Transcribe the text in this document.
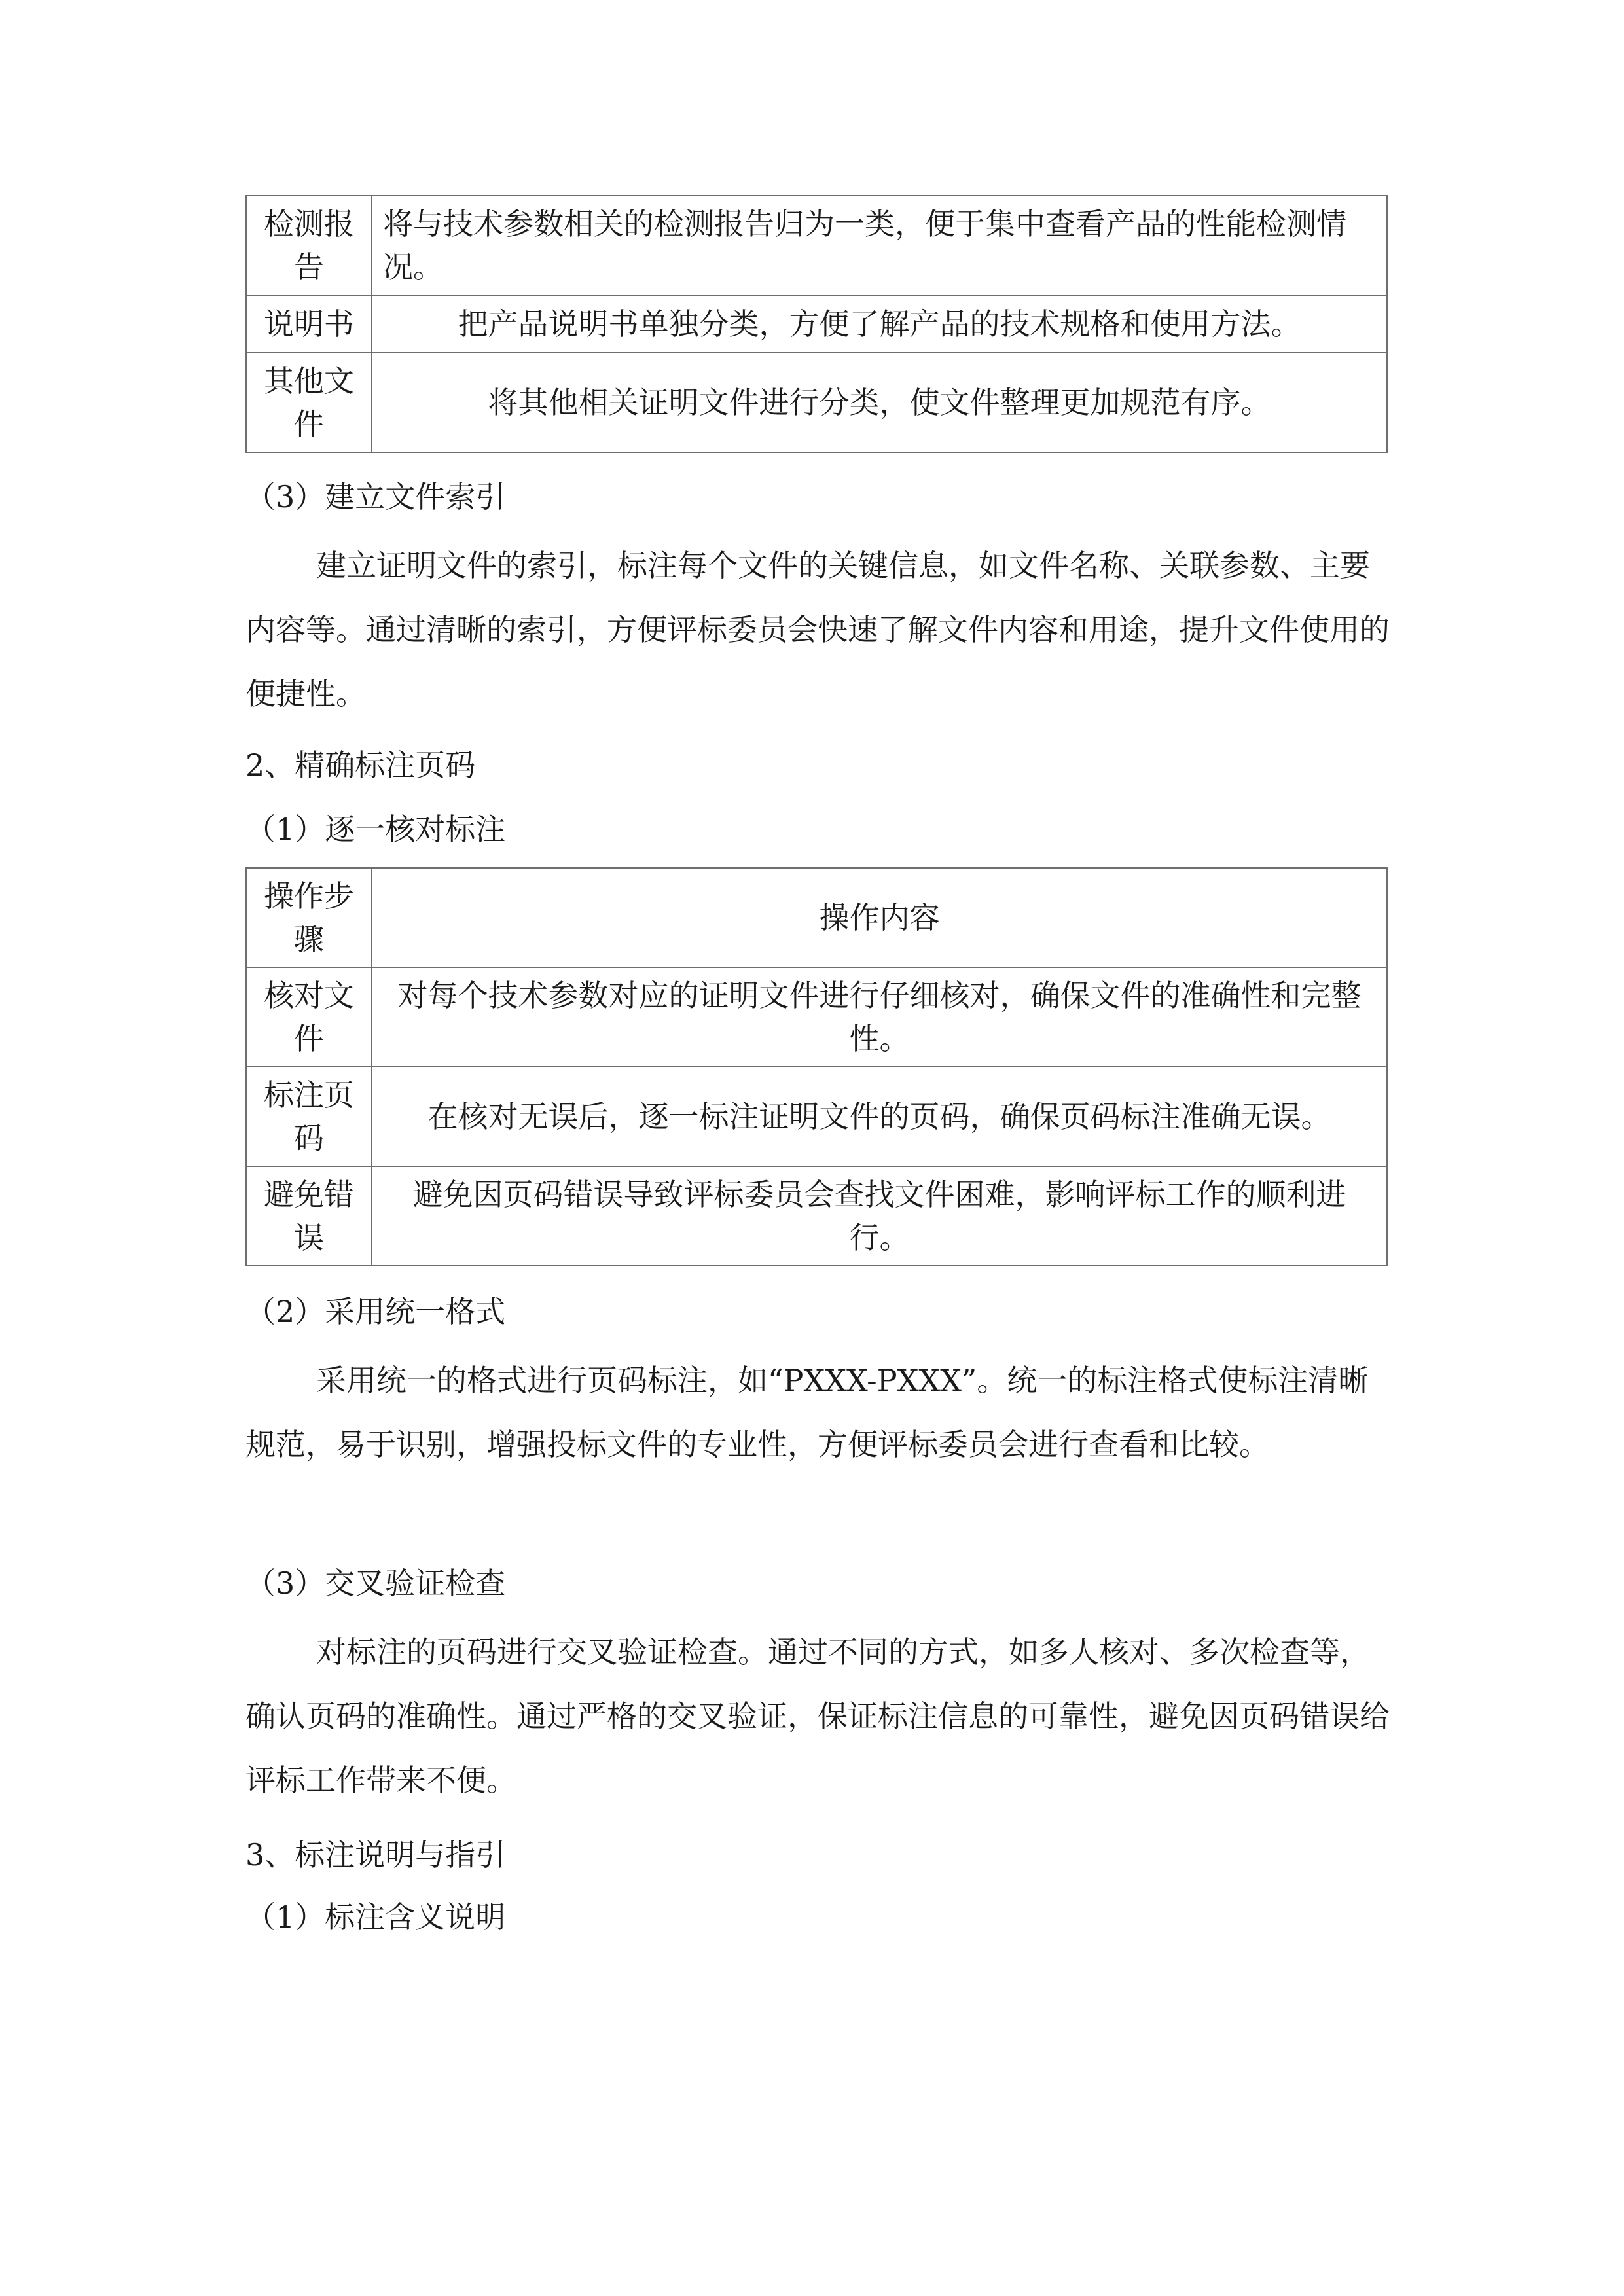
检测报告	将与技术参数相关的检测报告归为一类，便于集中查看产品的性能检测情况。
说明书	把产品说明书单独分类，方便了解产品的技术规格和使用方法。
其他文件	将其他相关证明文件进行分类，使文件整理更加规范有序。

（3）建立文件索引

建立证明文件的索引，标注每个文件的关键信息，如文件名称、关联参数、主要内容等。通过清晰的索引，方便评标委员会快速了解文件内容和用途，提升文件使用的便捷性。

2、精确标注页码

（1）逐一核对标注

操作步骤	操作内容
核对文件	对每个技术参数对应的证明文件进行仔细核对，确保文件的准确性和完整性。
标注页码	在核对无误后，逐一标注证明文件的页码，确保页码标注准确无误。
避免错误	避免因页码错误导致评标委员会查找文件困难，影响评标工作的顺利进行。

（2）采用统一格式

采用统一的格式进行页码标注，如“PXXX-PXXX”。统一的标注格式使标注清晰规范，易于识别，增强投标文件的专业性，方便评标委员会进行查看和比较。

（3）交叉验证检查

对标注的页码进行交叉验证检查。通过不同的方式，如多人核对、多次检查等，确认页码的准确性。通过严格的交叉验证，保证标注信息的可靠性，避免因页码错误给评标工作带来不便。

3、标注说明与指引

（1）标注含义说明
